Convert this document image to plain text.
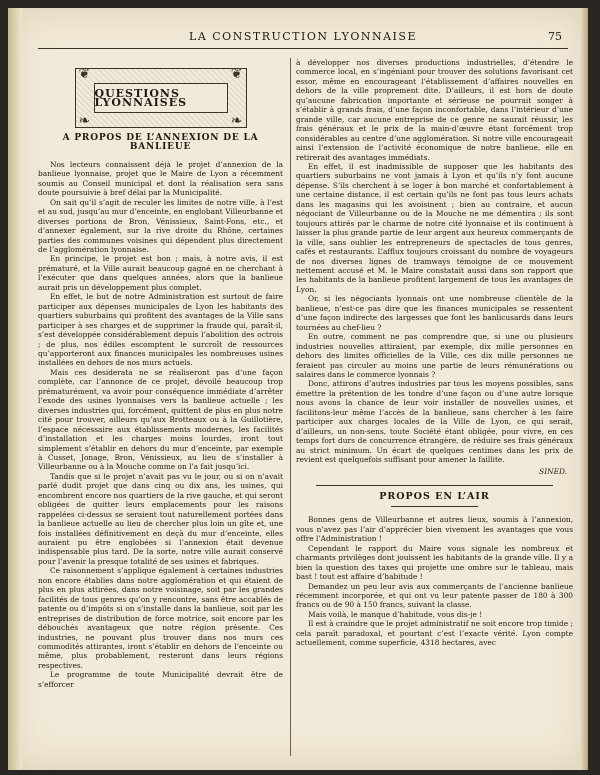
LA CONSTRUCTION LYONNAISE	75
❦	❦
❧	❧
QUESTIONS LYONNAISES
A PROPOS DE L’ANNEXION DE LA BANLIEUE

Nos lecteurs connaissent déjà le projet d’annexion de la banlieue lyonnaise, projet que le Maire de Lyon a récemment soumis au Conseil municipal et dont la réalisation sera sans doute poursuivie à bref délai par la Municipalité.

On sait qu’il s’agit de reculer les limites de notre ville, à l’est et au sud, jusqu’au mur d’enceinte, en englobant Villeurbanne et diverses portions de Bron, Vénissieux, Saint-Fons, etc., et d’annexer également, sur la rive droite du Rhône, certaines parties des communes voisines qui dépendent plus directement de l’agglomération lyonnaise.

En principe, le projet est bon ; mais, à notre avis, il est prématuré, et la Ville aurait beaucoup gagné en ne cherchant à l’exécuter que dans quelques années, alors que la banlieue aurait pris un développement plus complet.

En effet, le but de notre Administration est surtout de faire participer aux dépenses municipales de Lyon les habitants des quartiers suburbains qui profitent des avantages de la Ville sans participer à ses charges et de supprimer la fraude qui, paraît-il, s’est développée considérablement depuis l’abolition des octrois ; de plus, nos édiles escomptent le surcroît de ressources qu’apporteront aux finances municipales les nombreuses usines installées en dehors de nos murs actuels.

Mais ces desiderata ne se réaliseront pas d’une façon complète, car l’annonce de ce projet, dévoilé beaucoup trop prématurément, va avoir pour conséquence immédiate d’arrêter l’exode des usines lyonnaises vers la banlieue actuelle ; les diverses industries qui, forcément, quittent de plus en plus notre cité pour trouver, ailleurs qu’aux Brotteaux ou à la Guillotière, l’espace nécessaire aux établissements modernes, les facilités d’installation et les charges moins lourdes, iront tout simplement s’établir en dehors du mur d’enceinte, par exemple à Cusset, Jonage, Bron, Vénissieux, au lieu de s’installer à Villeurbanne ou à la Mouche comme on l’a fait jusqu’ici.

Tandis que si le projet n’avait pas vu le jour, ou si on n’avait parlé dudit projet que dans cinq ou dix ans, les usines, qui encombrent encore nos quartiers de la rive gauche, et qui seront obligées de quitter leurs emplacements pour les raisons rappelées ci-dessus se seraient tout naturellement portées dans la banlieue actuelle au lieu de chercher plus loin un gîte et, une fois installées définitivement en deçà du mur d’enceinte, elles auraient pu être englobées si l’annexion était devenue indispensable plus tard. De la sorte, notre ville aurait conservé pour l’avenir la presque totalité de ses usines et fabriques.

Ce raisonnement s’applique également à certaines industries non encore établies dans notre agglomération et qui étaient de plus en plus attirées, dans notre voisinage, soit par les grandes facilités de tous genres qu’on y rencontre, sans être accablés de patente ou d’impôts si on s’installe dans la banlieue, soit par les entreprises de distribution de force motrice, soit encore par les débouchés avantageux que notre région présente. Ces industries, ne pouvant plus trouver dans nos murs ces commodités attirantes, iront s’établir en dehors de l’enceinte ou même, plus probablement, resteront dans leurs régions respectives.

Le programme de toute Municipalité devrait être de s’efforcer

à développer nos diverses productions industrielles, d’étendre le commerce local, en s’ingéniant pour trouver des solutions favorisant cet essor, même en encourageant l’établissement d’affaires nouvelles en dehors de la ville proprement dite. D’ailleurs, il est hors de doute qu’aucune fabrication importante et sérieuse ne pourrait songer à s’établir à grands frais, d’une façon inconfortable, dans l’intérieur d’une grande ville, car aucune entreprise de ce genre ne saurait réussir, les frais généraux et le prix de la main-d’œuvre étant forcément trop considérables au centre d’une agglomération. Si notre ville encourageait ainsi l’extension de l’activité économique de notre banlieue, elle en retirerait des avantages immédiats.

En effet, il est inadmissible de supposer que les habitants des quartiers suburbains ne vont jamais à Lyon et qu’ils n’y font aucune dépense. S’ils cherchent à se loger à bon marché et confortablement à une certaine distance, il est certain qu’ils ne font pas tous leurs achats dans les magasins qui les avoisinent ; bien au contraire, et aucun négociant de Villeurbanne ou de la Mouche ne me démentira ; ils sont toujours attirés par le charme de notre cité lyonnaise et ils continuent à laisser la plus grande partie de leur argent aux heureux commerçants de la ville, sans oublier les entrepreneurs de spectacles de tous genres, cafés et restaurants. L’afflux toujours croissant du nombre de voyageurs de nos diverses lignes de tramways témoigne de ce mouvement nettement accusé et M. le Maire constatait aussi dans son rapport que les habitants de la banlieue profitent largement de tous les avantages de Lyon.

Or, si les négociants lyonnais ont une nombreuse clientèle de la banlieue, n’est-ce pas dire que les finances municipales se ressentent d’une façon indirecte des largesses que font les banlicusards dans leurs tournées au chef-lieu ?

En outre, comment ne pas comprendre que, si une ou plusieurs industries nouvelles attiraient, par exemple, dix mille personnes en dehors des limites officielles de la Ville, ces dix mille personnes ne feraient pas circuler au moins une partie de leurs rémunérations ou salaires dans le commerce lyonnais ?

Donc, attirons d’autres industries par tous les moyens possibles, sans émettre la prétention de les tondre d’une façon ou d’une autre lorsque nous avons la chance de leur voir installer de nouvelles usines, et facilitons-leur même l’accès de la banlieue, sans chercher à les faire participer aux charges locales de la Ville de Lyon, ce qui serait, d’ailleurs, un non-sens, toute Société étant obligée, pour vivre, en ces temps fort durs de concurrence étrangère, de réduire ses frais généraux au strict minimum. Un écart de quelques centimes dans les prix de revient est quelquefois suffisant pour amener la faillite.

SINED.
PROPOS EN L’AIR

Bonnes gens de Villeurbanne et autres lieux, soumis à l’annexion, vous n’avez pas l’air d’apprécier bien vivement les avantages que vous offre l’Administration !

Cependant le rapport du Maire vous signale les nombreux et charmants privilèges dont jouissent les habitants de la grande ville. Il y a bien la question des taxes qui projette une ombre sur le tableau, mais bast ! tout est affaire d’habitude !

Demandez un peu leur avis aux commerçants de l’ancienne banlieue récemment incorporée, et qui ont vu leur patente passer de 180 à 300 francs ou de 90 à 150 francs, suivant la classe.

Mais voilà, le manque d’habitude, vous dis-je !

Il est à craindre que le projet administratif ne soit encore trop timide ; cela paraît paradoxal, et pourtant c’est l’exacte vérité. Lyon compte actuellement, comme superficie, 4318 hectares, avec
